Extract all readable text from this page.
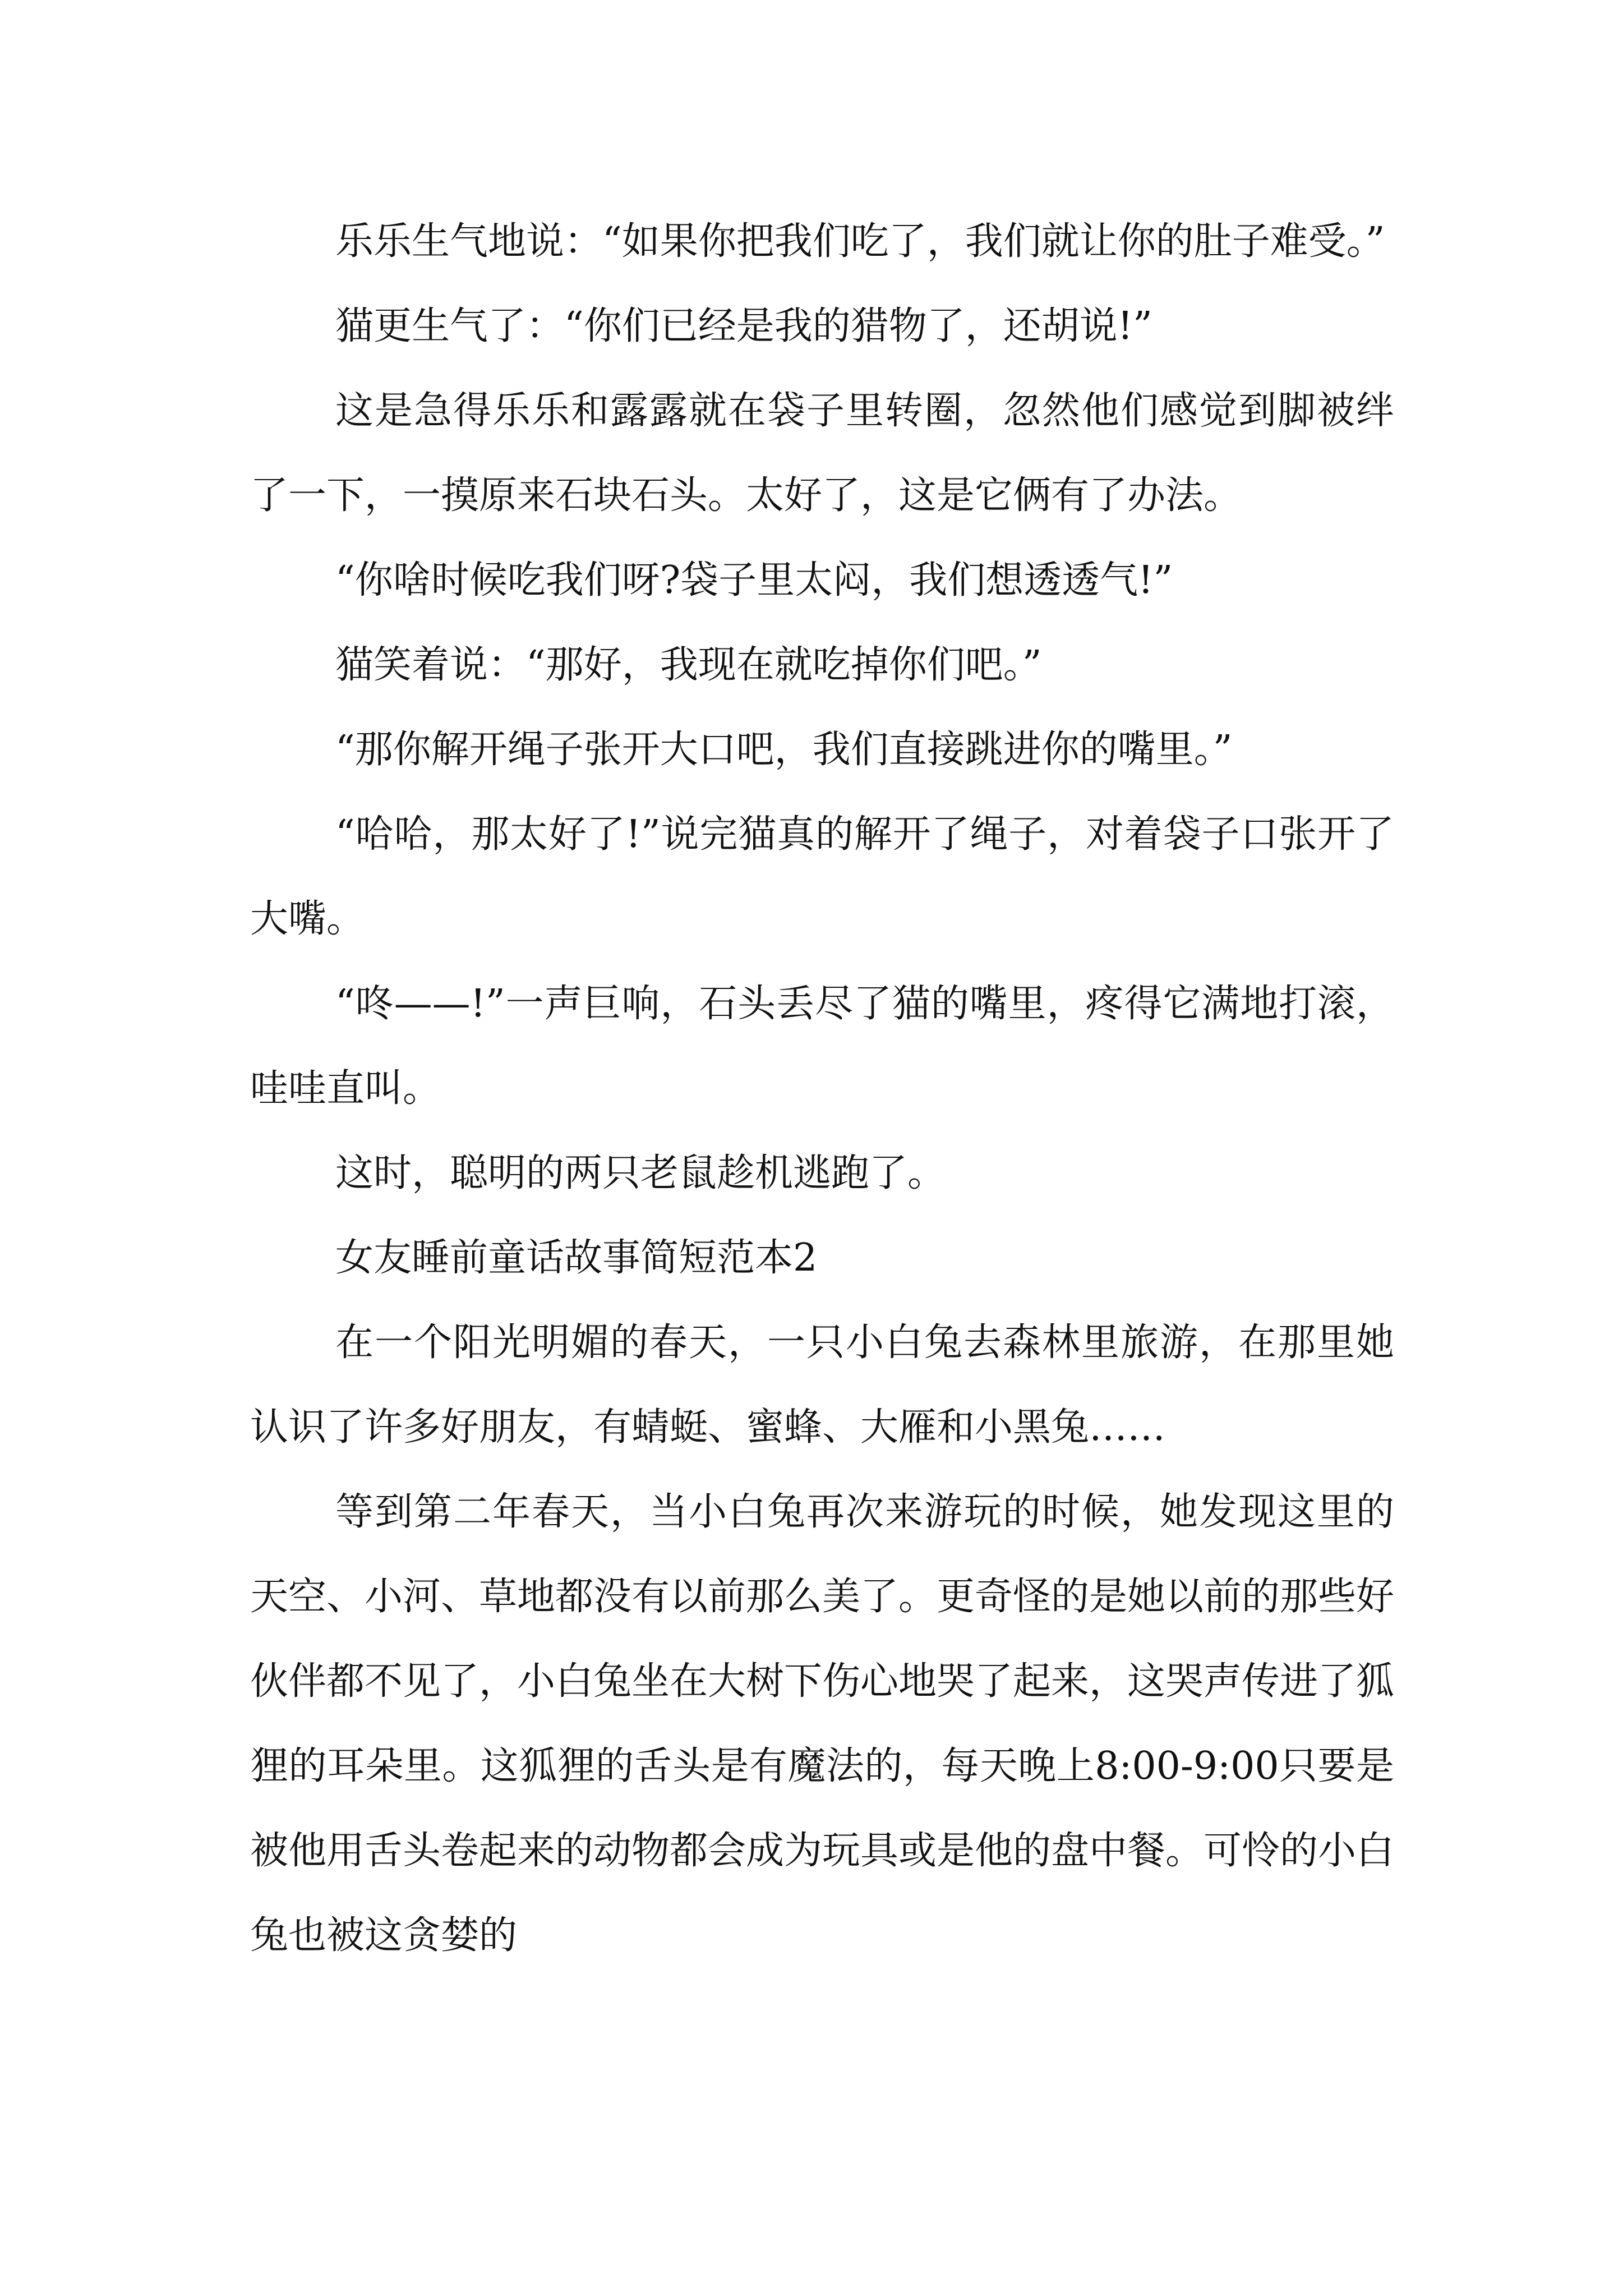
乐乐生气地说：“如果你把我们吃了，我们就让你的肚子难受。”

猫更生气了：“你们已经是我的猎物了，还胡说!”

这是急得乐乐和露露就在袋子里转圈，忽然他们感觉到脚被绊了一下，一摸原来石块石头。太好了，这是它俩有了办法。

“你啥时候吃我们呀?袋子里太闷，我们想透透气!”

猫笑着说：“那好，我现在就吃掉你们吧。”

“那你解开绳子张开大口吧，我们直接跳进你的嘴里。”

“哈哈，那太好了!”说完猫真的解开了绳子，对着袋子口张开了大嘴。

“咚——!”一声巨响，石头丢尽了猫的嘴里，疼得它满地打滚，哇哇直叫。

这时，聪明的两只老鼠趁机逃跑了。

女友睡前童话故事简短范本2

在一个阳光明媚的春天，一只小白兔去森林里旅游，在那里她认识了许多好朋友，有蜻蜓、蜜蜂、大雁和小黑兔……

等到第二年春天，当小白兔再次来游玩的时候，她发现这里的天空、小河、草地都没有以前那么美了。更奇怪的是她以前的那些好伙伴都不见了，小白兔坐在大树下伤心地哭了起来，这哭声传进了狐狸的耳朵里。这狐狸的舌头是有魔法的，每天晚上8:00-9:00只要是被他用舌头卷起来的动物都会成为玩具或是他的盘中餐。可怜的小白兔也被这贪婪的
